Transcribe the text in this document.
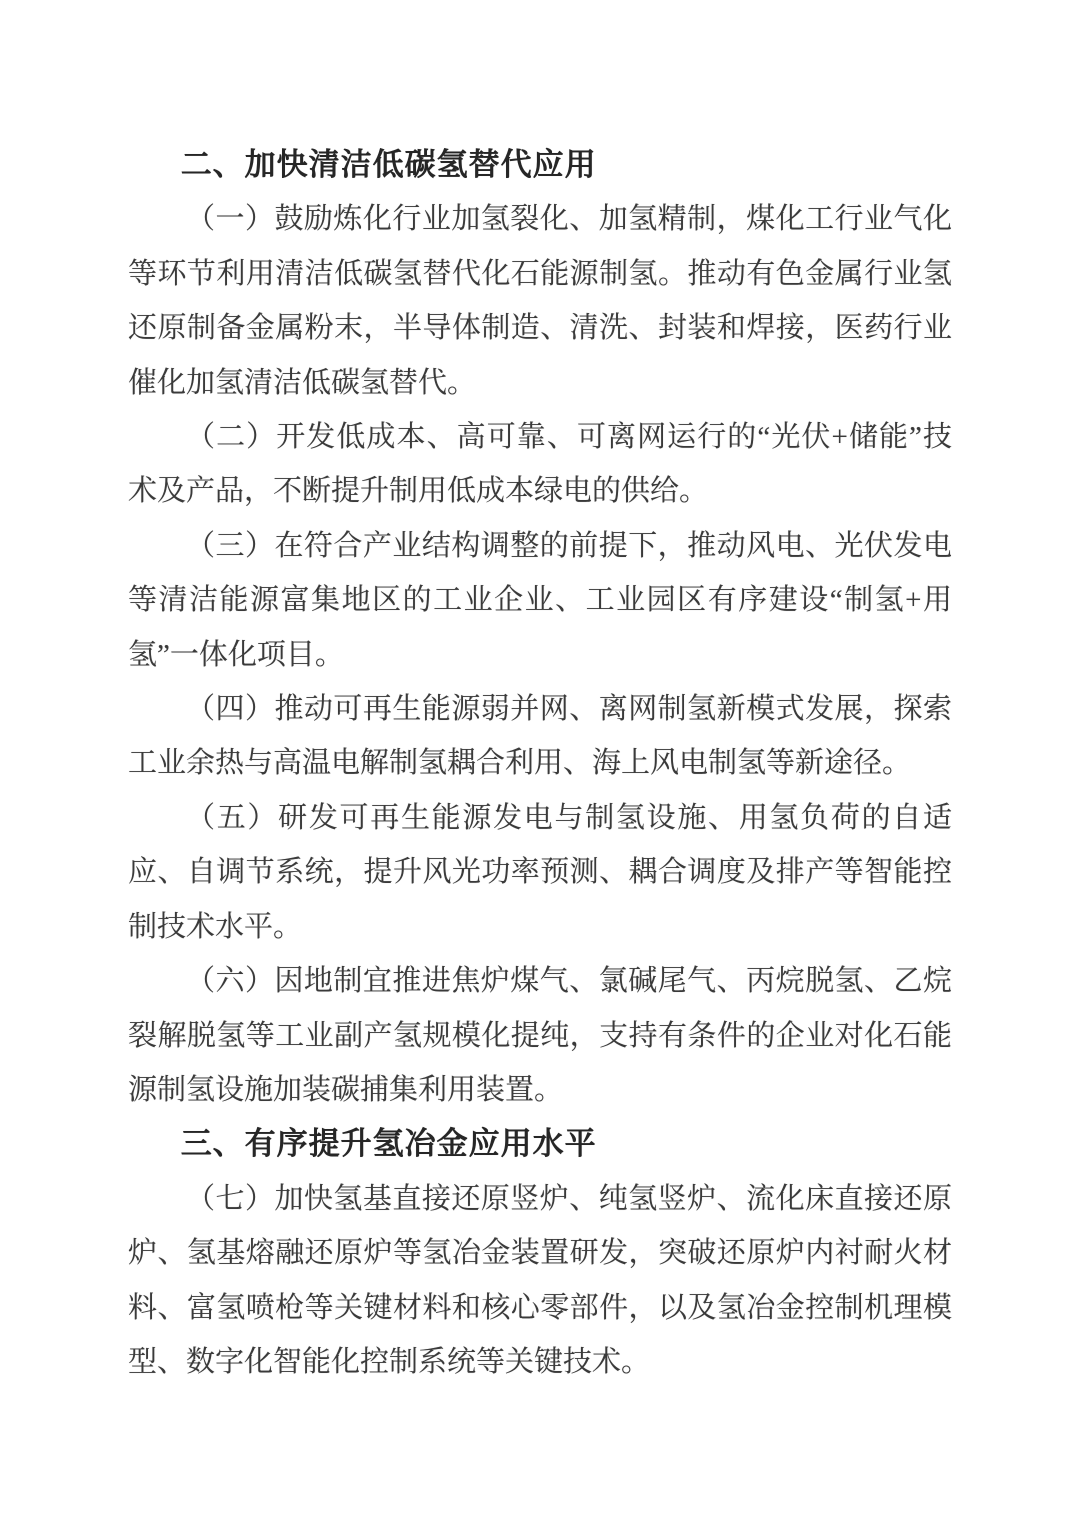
二、加快清洁低碳氢替代应用

（一）鼓励炼化行业加氢裂化、加氢精制，煤化工行业气化等环节利用清洁低碳氢替代化石能源制氢。推动有色金属行业氢还原制备金属粉末，半导体制造、清洗、封装和焊接，医药行业催化加氢清洁低碳氢替代。

（二）开发低成本、高可靠、可离网运行的“光伏+储能”技术及产品，不断提升制用低成本绿电的供给。

（三）在符合产业结构调整的前提下，推动风电、光伏发电等清洁能源富集地区的工业企业、工业园区有序建设“制氢+用氢”一体化项目。

（四）推动可再生能源弱并网、离网制氢新模式发展，探索工业余热与高温电解制氢耦合利用、海上风电制氢等新途径。

（五）研发可再生能源发电与制氢设施、用氢负荷的自适应、自调节系统，提升风光功率预测、耦合调度及排产等智能控制技术水平。

（六）因地制宜推进焦炉煤气、氯碱尾气、丙烷脱氢、乙烷裂解脱氢等工业副产氢规模化提纯，支持有条件的企业对化石能源制氢设施加装碳捕集利用装置。

三、有序提升氢冶金应用水平

（七）加快氢基直接还原竖炉、纯氢竖炉、流化床直接还原炉、氢基熔融还原炉等氢冶金装置研发，突破还原炉内衬耐火材料、富氢喷枪等关键材料和核心零部件，以及氢冶金控制机理模型、数字化智能化控制系统等关键技术。
